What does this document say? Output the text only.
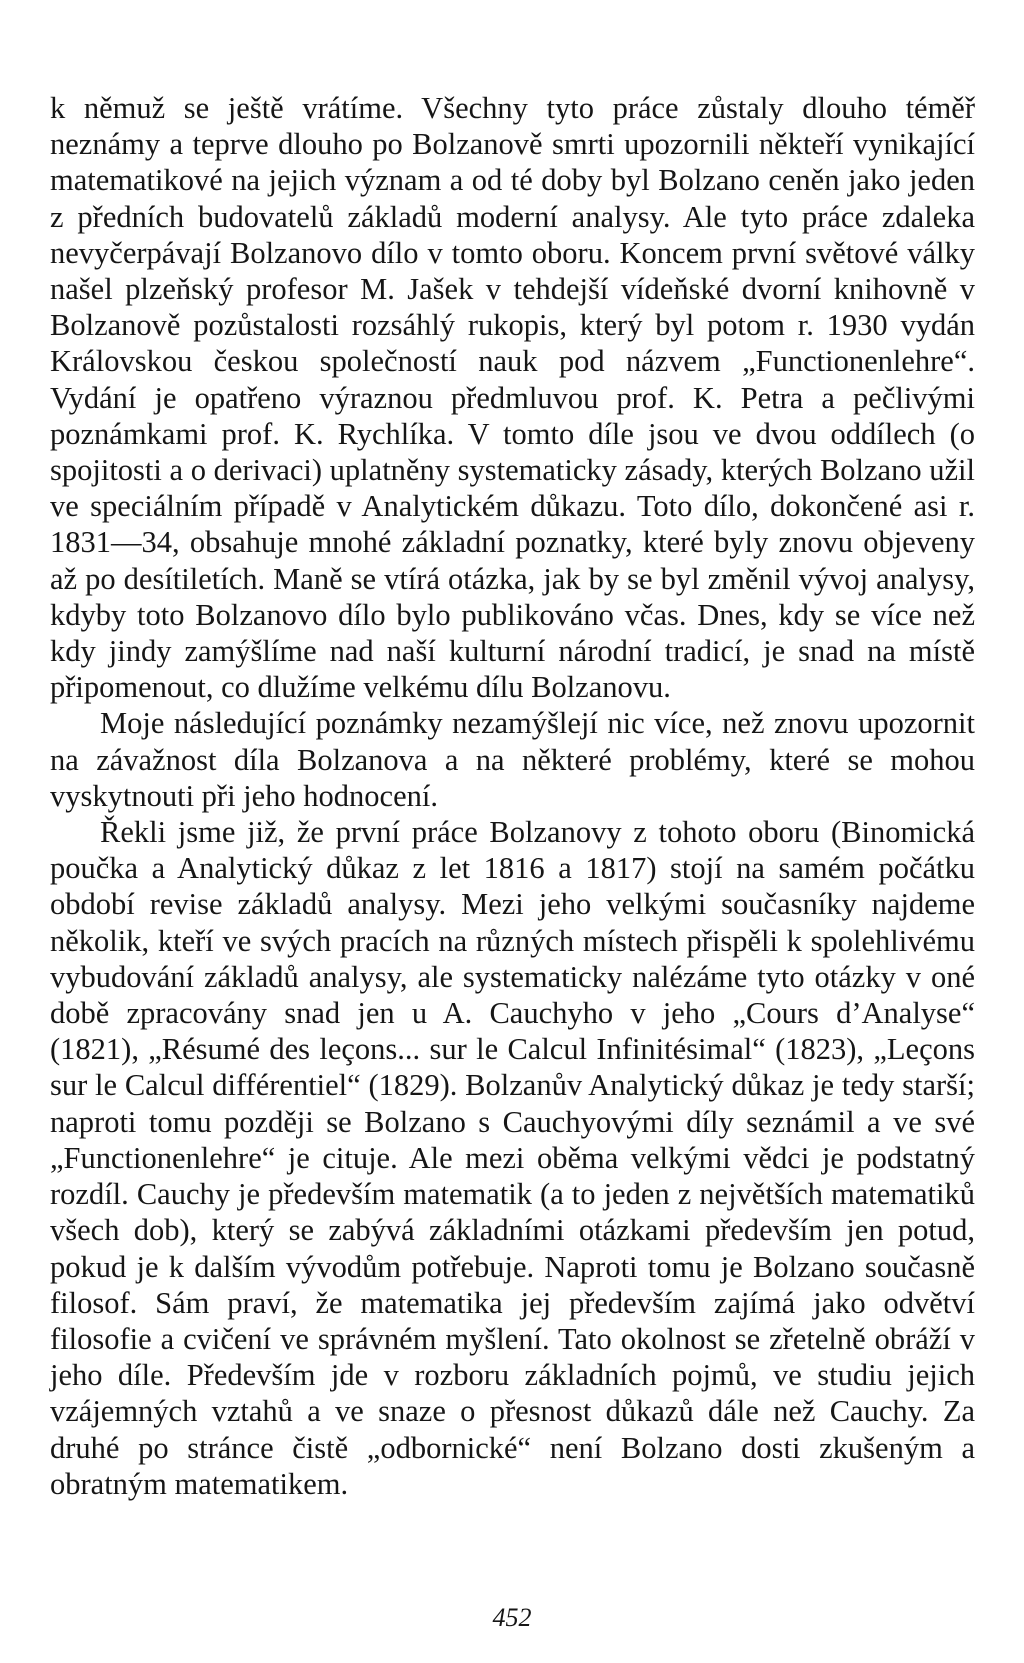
k němuž se ještě vrátíme. Všechny tyto práce zůstaly dlouho téměř neznámy a teprve dlouho po Bolzanově smrti upozornili někteří vynikající matematikové na jejich význam a od té doby byl Bolzano ceněn jako jeden z předních budovatelů základů moderní analysy. Ale tyto práce zdaleka nevyčerpávají Bolzanovo dílo v tomto oboru. Koncem první světové války našel plzeňský profesor M. Jašek v tehdejší vídeňské dvorní knihovně v Bolzanově pozůstalosti rozsáhlý rukopis, který byl potom r. 1930 vydán Královskou českou společností nauk pod názvem „Functionenlehre“. Vydání je opatřeno výraznou předmluvou prof. K. Petra a pečlivými poznámkami prof. K. Rychlíka. V tomto díle jsou ve dvou oddílech (o spojitosti a o derivaci) uplatněny systematicky zásady, kterých Bolzano užil ve speciálním případě v Analytickém důkazu. Toto dílo, dokončené asi r. 1831—34, obsahuje mnohé základní poznatky, které byly znovu objeveny až po desítiletích. Maně se vtírá otázka, jak by se byl změnil vývoj analysy, kdyby toto Bolzanovo dílo bylo publikováno včas. Dnes, kdy se více než kdy jindy zamýšlíme nad naší kulturní národní tradicí, je snad na místě připomenout, co dlužíme velkému dílu Bolzanovu.

Moje následující poznámky nezamýšlejí nic více, než znovu upozornit na závažnost díla Bolzanova a na některé problémy, které se mohou vyskytnouti při jeho hodnocení.

Řekli jsme již, že první práce Bolzanovy z tohoto oboru (Binomická poučka a Analytický důkaz z let 1816 a 1817) stojí na samém počátku období revise základů analysy. Mezi jeho velkými současníky najdeme několik, kteří ve svých pracích na různých místech přispěli k spolehlivému vybudování základů analysy, ale systematicky nalézáme tyto otázky v oné době zpracovány snad jen u A. Cauchyho v jeho „Cours d’Analyse“ (1821), „Résumé des leçons... sur le Calcul Infinitésimal“ (1823), „Leçons sur le Calcul différentiel“ (1829). Bolzanův Analytický důkaz je tedy starší; naproti tomu později se Bolzano s Cauchyovými díly seznámil a ve své „Functionenlehre“ je cituje. Ale mezi oběma velkými vědci je podstatný rozdíl. Cauchy je především matematik (a to jeden z největších matematiků všech dob), který se zabývá základními otázkami především jen potud, pokud je k dalším vývodům potřebuje. Naproti tomu je Bolzano současně filosof. Sám praví, že matematika jej především zajímá jako odvětví filosofie a cvičení ve správném myšlení. Tato okolnost se zřetelně obráží v jeho díle. Především jde v rozboru základních pojmů, ve studiu jejich vzájemných vztahů a ve snaze o přesnost důkazů dále než Cauchy. Za druhé po stránce čistě „odbornické“ není Bolzano dosti zkušeným a obratným matematikem.

452
